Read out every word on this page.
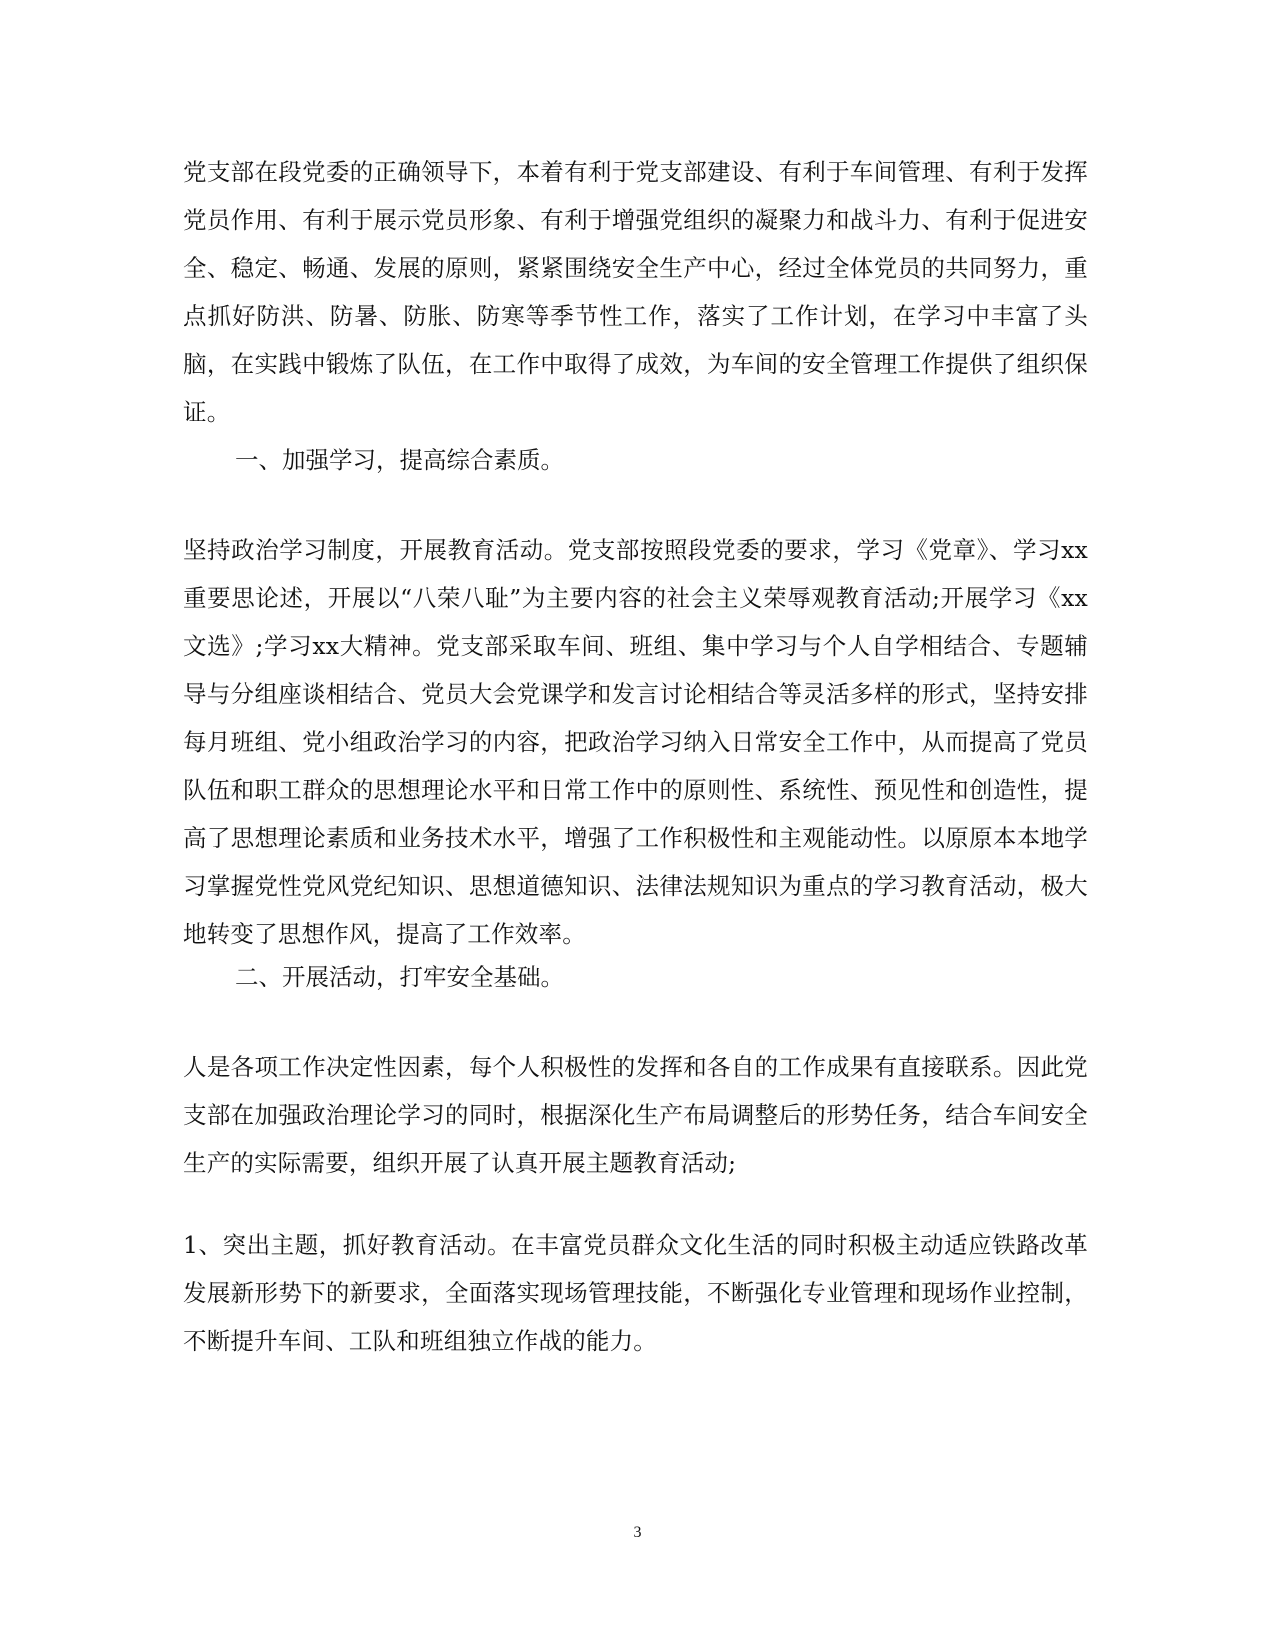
党支部在段党委的正确领导下，本着有利于党支部建设、有利于车间管理、有利于发挥党员作用、有利于展示党员形象、有利于增强党组织的凝聚力和战斗力、有利于促进安全、稳定、畅通、发展的原则，紧紧围绕安全生产中心，经过全体党员的共同努力，重点抓好防洪、防暑、防胀、防寒等季节性工作，落实了工作计划，在学习中丰富了头脑，在实践中锻炼了队伍，在工作中取得了成效，为车间的安全管理工作提供了组织保证。

一、加强学习，提高综合素质。

坚持政治学习制度，开展教育活动。党支部按照段党委的要求，学习《党章》、学习xx重要思论述，开展以“八荣八耻”为主要内容的社会主义荣辱观教育活动;开展学习《xx文选》;学习xx大精神。党支部采取车间、班组、集中学习与个人自学相结合、专题辅导与分组座谈相结合、党员大会党课学和发言讨论相结合等灵活多样的形式，坚持安排每月班组、党小组政治学习的内容，把政治学习纳入日常安全工作中，从而提高了党员队伍和职工群众的思想理论水平和日常工作中的原则性、系统性、预见性和创造性，提高了思想理论素质和业务技术水平，增强了工作积极性和主观能动性。以原原本本地学习掌握党性党风党纪知识、思想道德知识、法律法规知识为重点的学习教育活动，极大地转变了思想作风，提高了工作效率。

二、开展活动，打牢安全基础。

人是各项工作决定性因素，每个人积极性的发挥和各自的工作成果有直接联系。因此党支部在加强政治理论学习的同时，根据深化生产布局调整后的形势任务，结合车间安全生产的实际需要，组织开展了认真开展主题教育活动;

1、突出主题，抓好教育活动。在丰富党员群众文化生活的同时积极主动适应铁路改革发展新形势下的新要求，全面落实现场管理技能，不断强化专业管理和现场作业控制，不断提升车间、工队和班组独立作战的能力。

3
